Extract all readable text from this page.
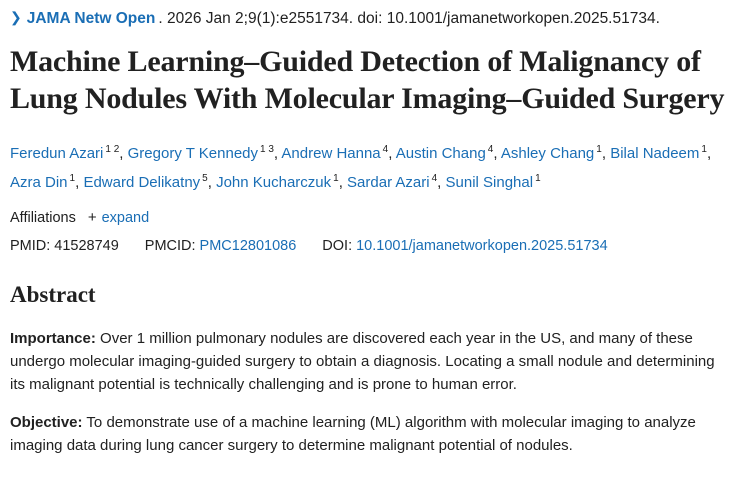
❯ JAMA Netw Open . 2026 Jan 2;9(1):e2551734. doi: 10.1001/jamanetworkopen.2025.51734.
Machine Learning–Guided Detection of Malignancy of Lung Nodules With Molecular Imaging–Guided Surgery
Feredun Azari $^{1 2}$, Gregory T Kennedy $^{1 3}$, Andrew Hanna $^4$, Austin Chang $^4$, Ashley Chang $^1$, Bilal Nadeem $^1$, Azra Din $^1$, Edward Delikatny $^5$, John Kucharczuk $^1$, Sardar Azari $^4$, Sunil Singhal $^1$
Affiliations + expand
PMID: 41528749 PMCID: PMC12801086 DOI: 10.1001/jamanetworkopen.2025.51734
Abstract

Importance: Over 1 million pulmonary nodules are discovered each year in the US, and many of these undergo molecular imaging-guided surgery to obtain a diagnosis. Locating a small nodule and determining its malignant potential is technically challenging and is prone to human error.

Objective: To demonstrate use of a machine learning (ML) algorithm with molecular imaging to analyze imaging data during lung cancer surgery to determine malignant potential of nodules.
